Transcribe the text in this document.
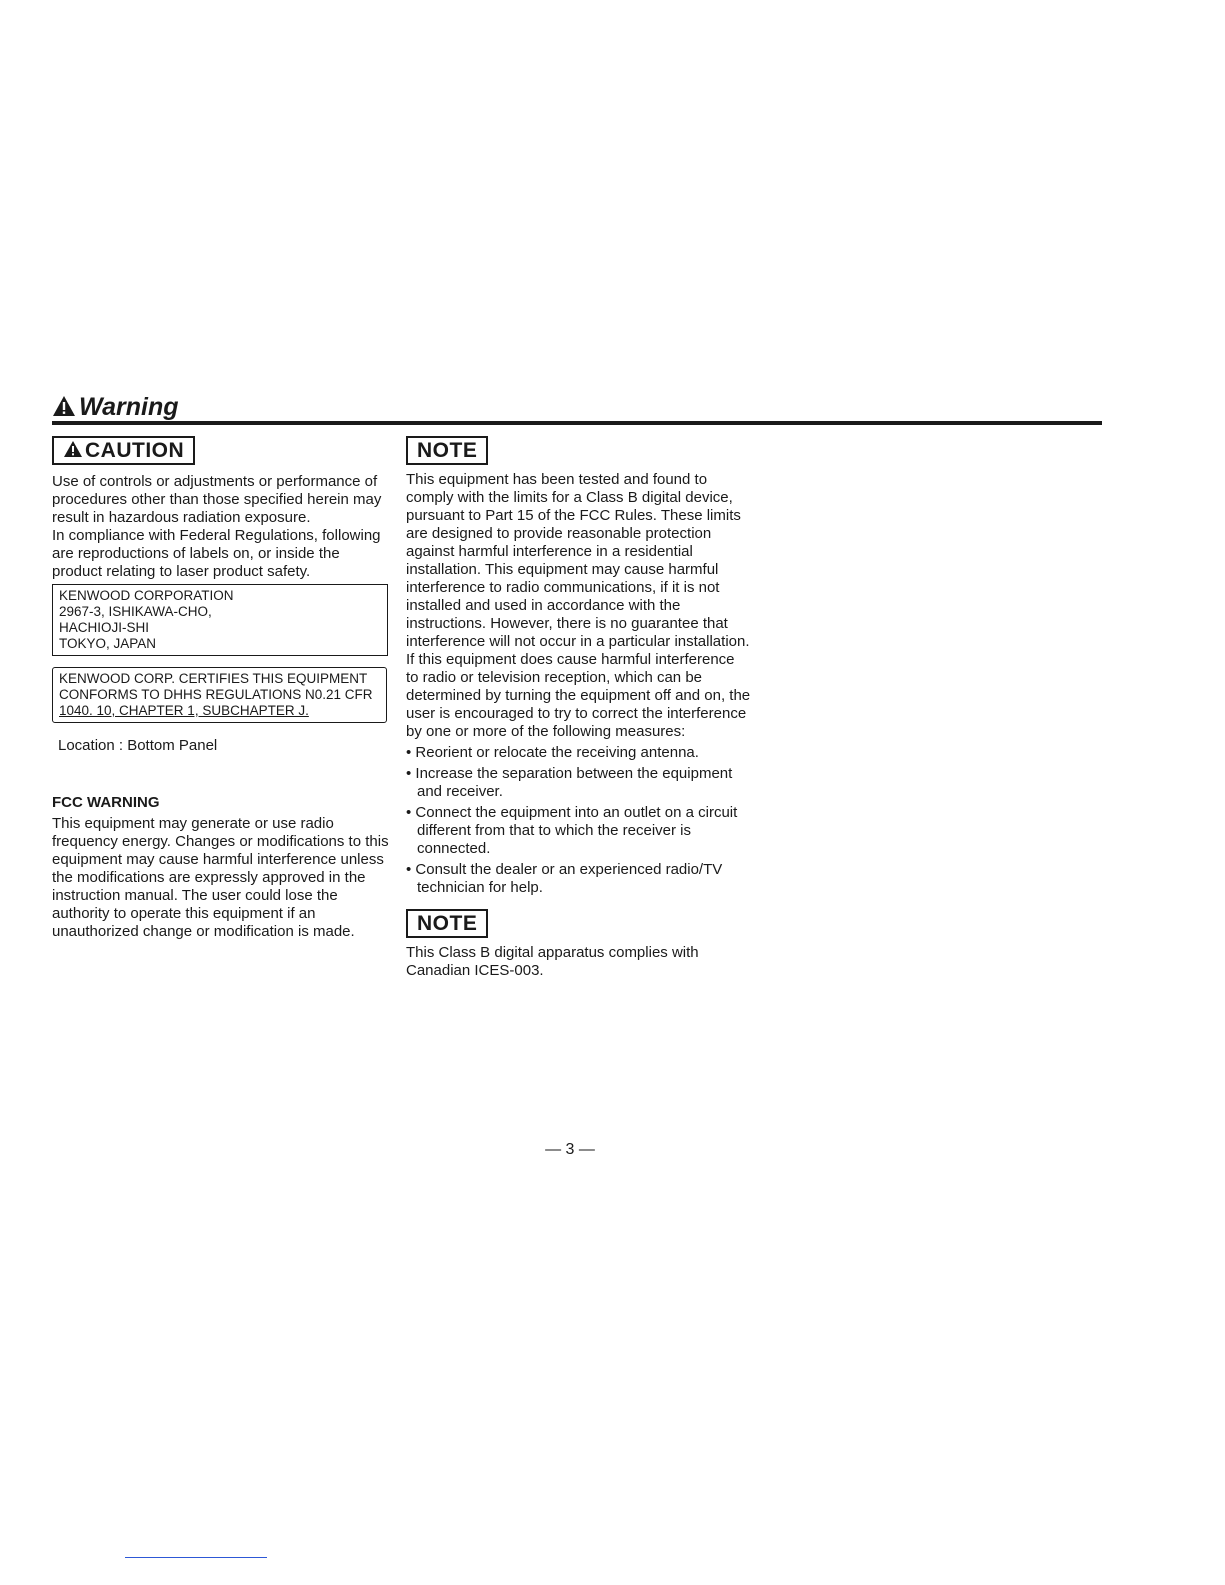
Warning
CAUTION

Use of controls or adjustments or performance of procedures other than those specified herein may result in hazardous radiation exposure.

In compliance with Federal Regulations, following are reproductions of labels on, or inside the product relating to laser product safety.

KENWOOD CORPORATION
2967-3, ISHIKAWA-CHO,
HACHIOJI-SHI
TOKYO, JAPAN
KENWOOD CORP. CERTIFIES THIS EQUIPMENT
CONFORMS TO DHHS REGULATIONS N0.21 CFR
1040. 10, CHAPTER 1, SUBCHAPTER J.

Location : Bottom Panel

FCC WARNING

This equipment may generate or use radio frequency energy. Changes or modifications to this equipment may cause harmful interference unless the modifications are expressly approved in the instruction manual. The user could lose the authority to operate this equipment if an unauthorized change or modification is made.

NOTE

This equipment has been tested and found to comply with the limits for a Class B digital device, pursuant to Part 15 of the FCC Rules. These limits are designed to provide reasonable protection against harmful interference in a residential installation. This equipment may cause harmful interference to radio communications, if it is not installed and used in accordance with the instructions. However, there is no guarantee that interference will not occur in a particular installation. If this equipment does cause harmful interference to radio or television reception, which can be determined by turning the equipment off and on, the user is encouraged to try to correct the interference by one or more of the following measures:

• Reorient or relocate the receiving antenna.

• Increase the separation between the equipment and receiver.

• Connect the equipment into an outlet on a circuit different from that to which the receiver is connected.

• Consult the dealer or an experienced radio/TV technician for help.

NOTE

This Class B digital apparatus complies with Canadian ICES-003.

— 3 —
